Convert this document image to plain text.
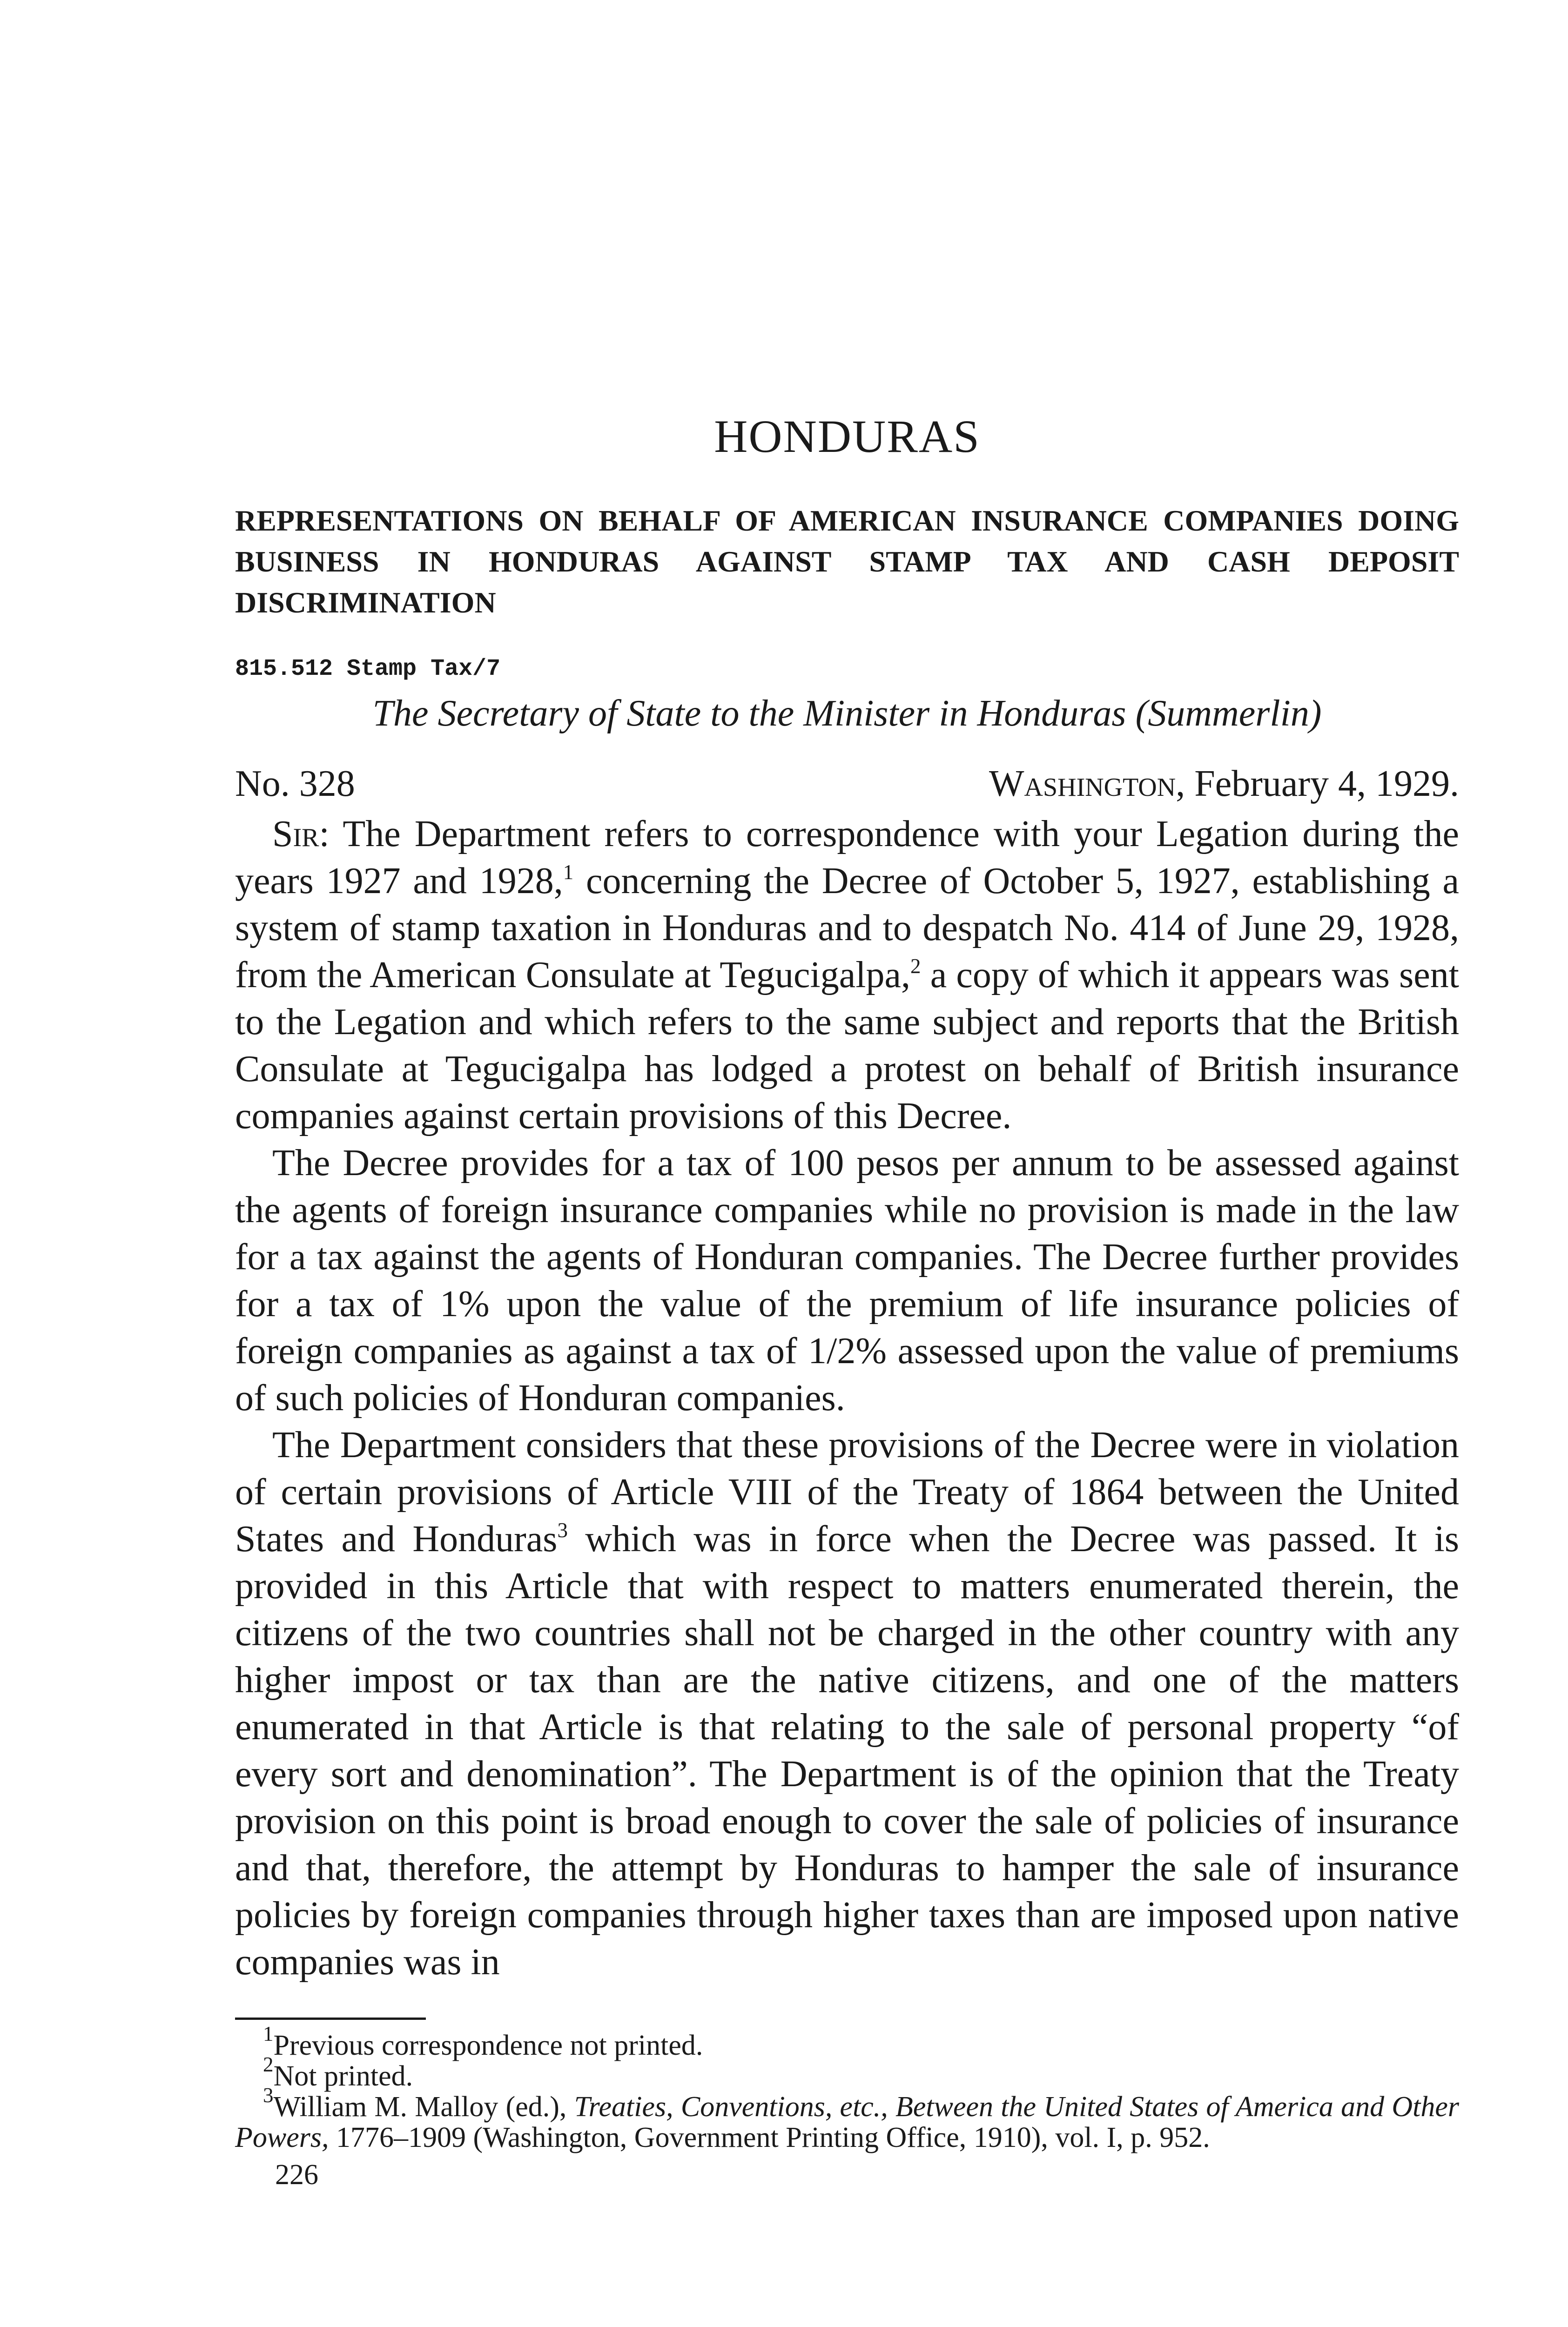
HONDURAS
REPRESENTATIONS ON BEHALF OF AMERICAN INSURANCE COMPANIES DOING BUSINESS IN HONDURAS AGAINST STAMP TAX AND CASH DEPOSIT DISCRIMINATION
815.512 Stamp Tax/7
The Secretary of State to the Minister in Honduras (Summerlin)
No. 328	Washington, February 4, 1929.

Sir: The Department refers to correspondence with your Legation during the years 1927 and 1928,$^1$ concerning the Decree of October 5, 1927, establishing a system of stamp taxation in Honduras and to despatch No. 414 of June 29, 1928, from the American Consulate at Tegucigalpa,$^2$ a copy of which it appears was sent to the Legation and which refers to the same subject and reports that the British Consulate at Tegucigalpa has lodged a protest on behalf of British insurance companies against certain provisions of this Decree.

The Decree provides for a tax of 100 pesos per annum to be assessed against the agents of foreign insurance companies while no provision is made in the law for a tax against the agents of Honduran companies. The Decree further provides for a tax of 1% upon the value of the premium of life insurance policies of foreign companies as against a tax of 1/2% assessed upon the value of premiums of such policies of Honduran companies.

The Department considers that these provisions of the Decree were in violation of certain provisions of Article VIII of the Treaty of 1864 between the United States and Honduras$^3$ which was in force when the Decree was passed. It is provided in this Article that with respect to matters enumerated therein, the citizens of the two countries shall not be charged in the other country with any higher impost or tax than are the native citizens, and one of the matters enumerated in that Article is that relating to the sale of personal property “of every sort and denomination”. The Department is of the opinion that the Treaty provision on this point is broad enough to cover the sale of policies of insurance and that, therefore, the attempt by Honduras to hamper the sale of insurance policies by foreign companies through higher taxes than are imposed upon native companies was in

$^1$Previous correspondence not printed.

$^2$Not printed.

$^3$William M. Malloy (ed.), Treaties, Conventions, etc., Between the United States of America and Other Powers, 1776–1909 (Washington, Government Printing Office, 1910), vol. I, p. 952.

226
